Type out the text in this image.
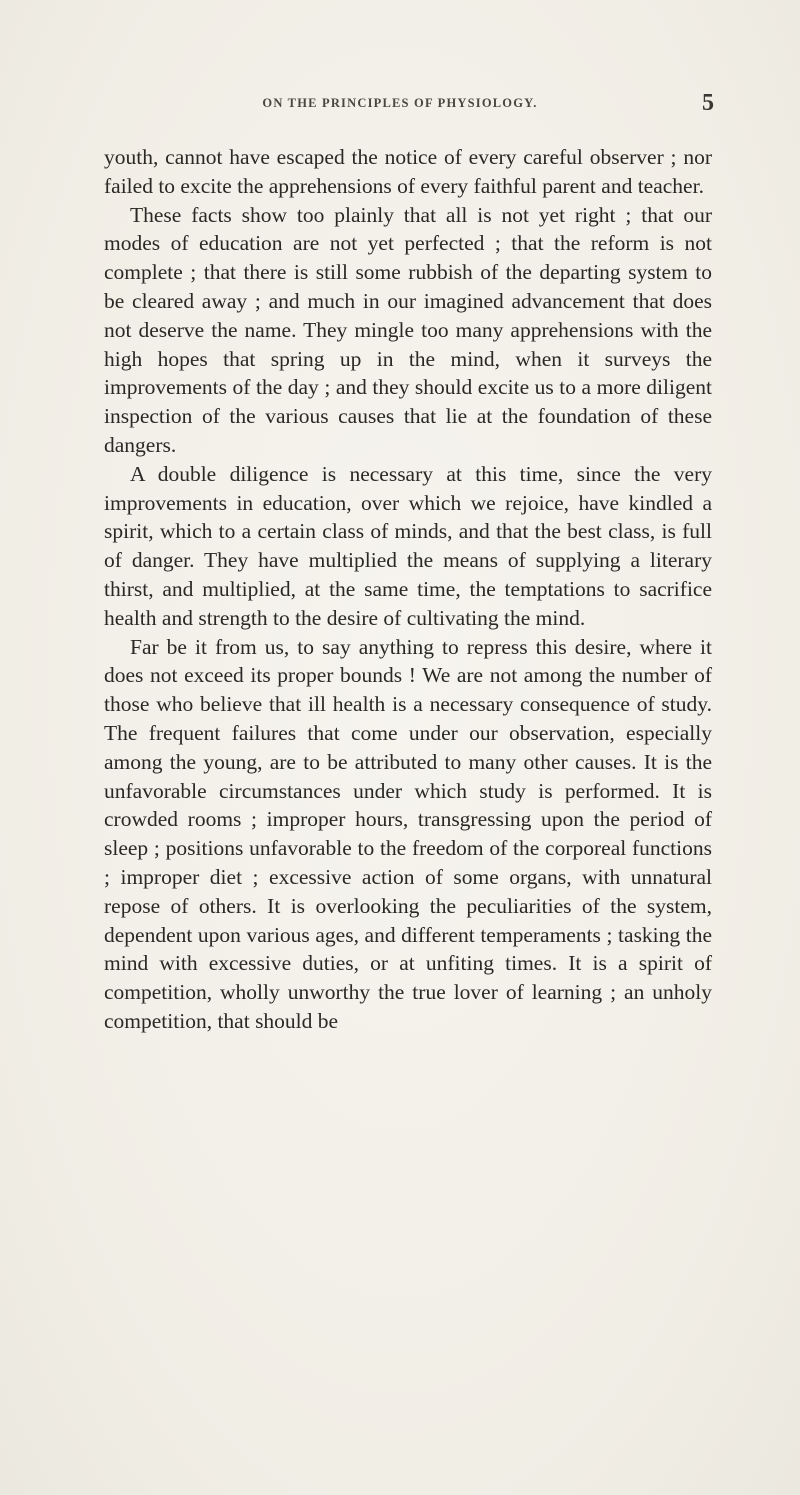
ON THE PRINCIPLES OF PHYSIOLOGY.	5

youth, cannot have escaped the notice of every careful observer ; nor failed to excite the apprehensions of every faithful parent and teacher.

These facts show too plainly that all is not yet right ; that our modes of education are not yet perfected ; that the reform is not complete ; that there is still some rubbish of the departing system to be cleared away ; and much in our imagined advancement that does not deserve the name. They mingle too many apprehensions with the high hopes that spring up in the mind, when it surveys the improvements of the day ; and they should excite us to a more diligent inspection of the various causes that lie at the foundation of these dangers.

A double diligence is necessary at this time, since the very improvements in education, over which we rejoice, have kindled a spirit, which to a certain class of minds, and that the best class, is full of danger. They have multiplied the means of supplying a literary thirst, and multiplied, at the same time, the temptations to sacrifice health and strength to the desire of cultivating the mind.

Far be it from us, to say anything to repress this desire, where it does not exceed its proper bounds ! We are not among the number of those who believe that ill health is a necessary consequence of study. The frequent failures that come under our observation, especially among the young, are to be attributed to many other causes. It is the unfavorable circumstances under which study is performed. It is crowded rooms ; improper hours, transgressing upon the period of sleep ; positions unfavorable to the freedom of the corporeal functions ; improper diet ; excessive action of some organs, with unnatural repose of others. It is overlooking the peculiarities of the system, dependent upon various ages, and different temperaments ; tasking the mind with excessive duties, or at unfiting times. It is a spirit of competition, wholly unworthy the true lover of learning ; an unholy competition, that should be
